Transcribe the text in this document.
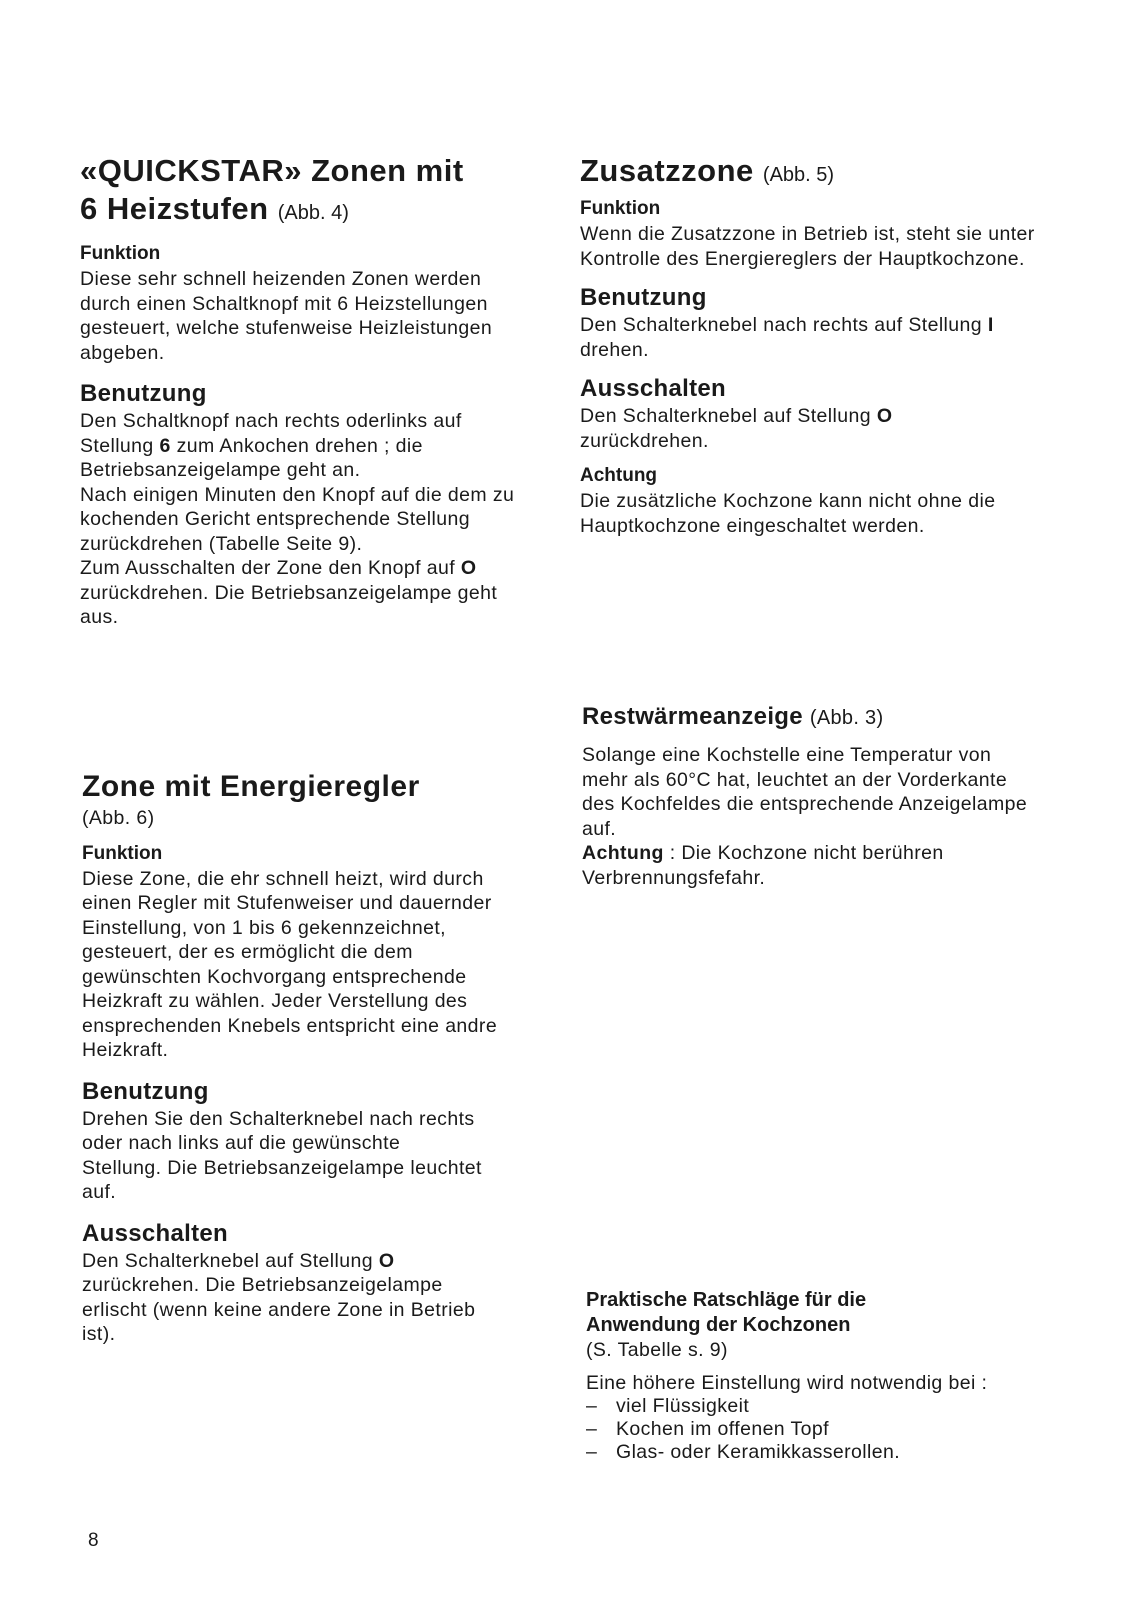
«QUICKSTAR» Zonen mit
6 Heizstufen (Abb. 4)
Funktion

Diese sehr schnell heizenden Zonen werden durch einen Schaltknopf mit 6 Heizstellungen gesteuert, welche stufenweise Heizleistungen abgeben.

Benutzung

Den Schaltknopf nach rechts oderlinks auf Stellung 6 zum Ankochen drehen ; die Betriebsanzeigelampe geht an.

Nach einigen Minuten den Knopf auf die dem zu kochenden Gericht entsprechende Stellung zurückdrehen (Tabelle Seite 9).

Zum Ausschalten der Zone den Knopf auf O zurückdrehen. Die Betriebsanzeigelampe geht aus.

Zone mit Energieregler

(Abb. 6)

Funktion

Diese Zone, die ehr schnell heizt, wird durch einen Regler mit Stufenweiser und dauernder Einstellung, von 1 bis 6 gekennzeichnet, gesteuert, der es ermöglicht die dem gewünschten Kochvorgang entsprechende Heizkraft zu wählen. Jeder Verstellung des ensprechenden Knebels entspricht eine andre Heizkraft.

Benutzung

Drehen Sie den Schalterknebel nach rechts oder nach links auf die gewünschte Stellung. Die Betriebsanzeigelampe leuchtet auf.

Ausschalten

Den Schalterknebel auf Stellung O zurückrehen. Die Betriebsanzeigelampe erlischt (wenn keine andere Zone in Betrieb ist).

Zusatzzone (Abb. 5)
Funktion

Wenn die Zusatzzone in Betrieb ist, steht sie unter Kontrolle des Energiereglers der Hauptkochzone.

Benutzung

Den Schalterknebel nach rechts auf Stellung I drehen.

Ausschalten

Den Schalterknebel auf Stellung O zurückdrehen.

Achtung

Die zusätzliche Kochzone kann nicht ohne die Hauptkochzone eingeschaltet werden.

Restwärmeanzeige (Abb. 3)

Solange eine Kochstelle eine Temperatur von mehr als 60°C hat, leuchtet an der Vorderkante des Kochfeldes die entsprechende Anzeigelampe auf.

Achtung : Die Kochzone nicht berühren Verbrennungsfefahr.

Praktische Ratschläge für die
Anwendung der Kochzonen

(S. Tabelle s. 9)

Eine höhere Einstellung wird notwendig bei :

– viel Flüssigkeit
– Kochen im offenen Topf
– Glas- oder Keramikkasserollen.
8
